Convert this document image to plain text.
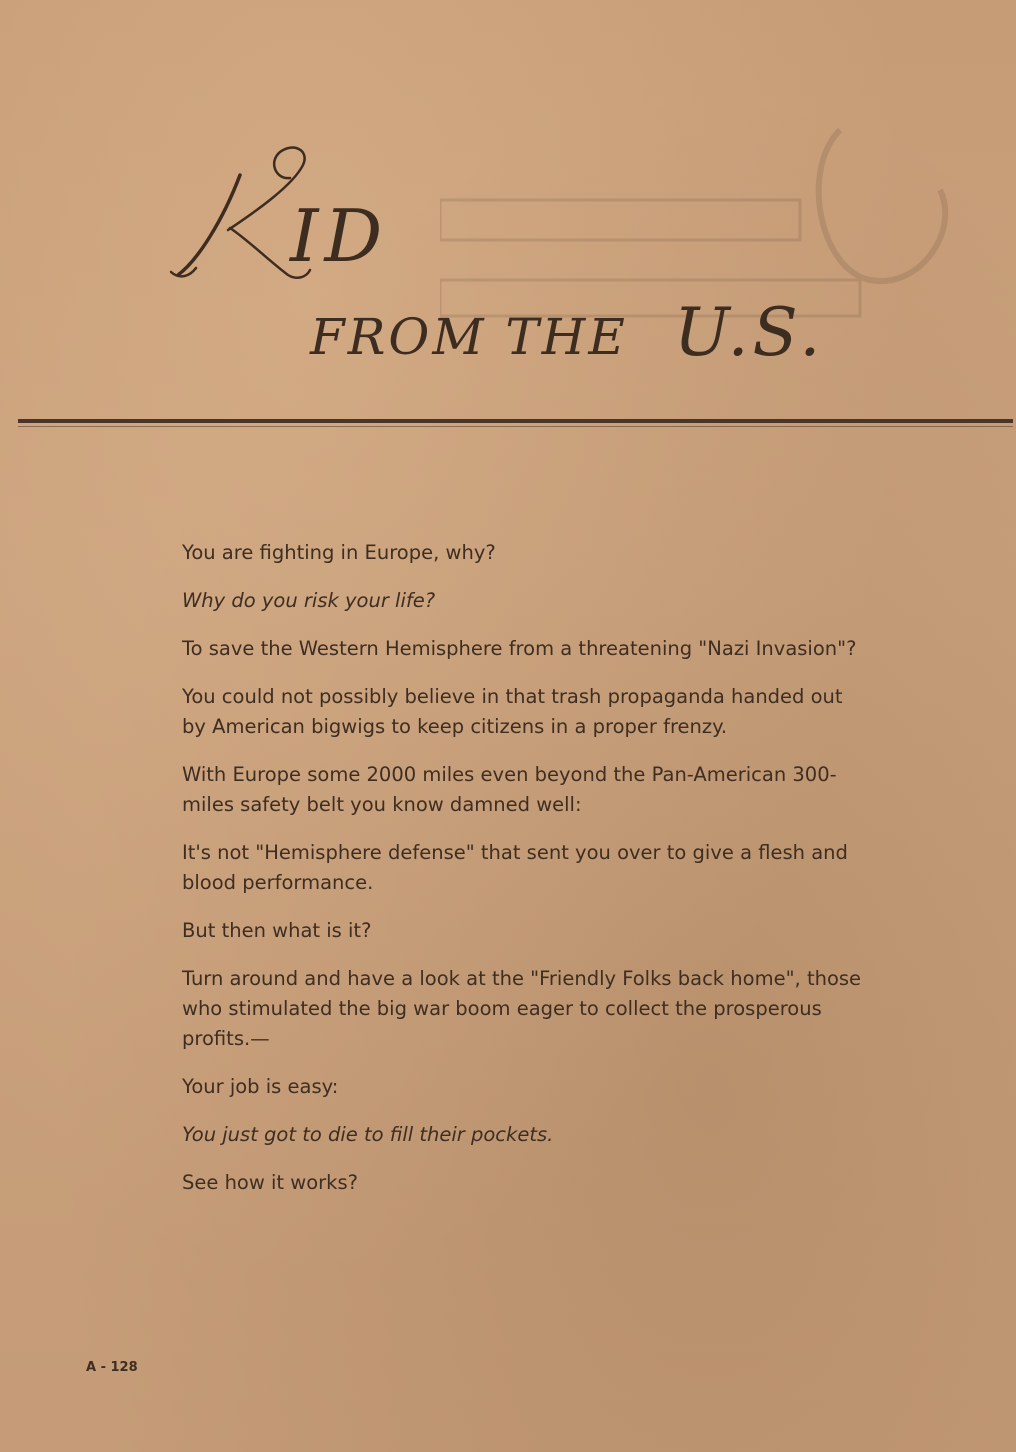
ID
FROM THE U.S.

You are fighting in Europe, why?

Why do you risk your life?

To save the Western Hemisphere from a threatening "Nazi Invasion"?

You could not possibly believe in that trash propaganda handed out by American bigwigs to keep citizens in a proper frenzy.

With Europe some 2000 miles even beyond the Pan-American 300-miles safety belt you know damned well:

It's not "Hemisphere defense" that sent you over to give a flesh and blood performance.

But then what is it?

Turn around and have a look at the "Friendly Folks back home", those who stimulated the big war boom eager to collect the prosperous profits.—

Your job is easy:

You just got to die to fill their pockets.

See how it works?

A - 128
